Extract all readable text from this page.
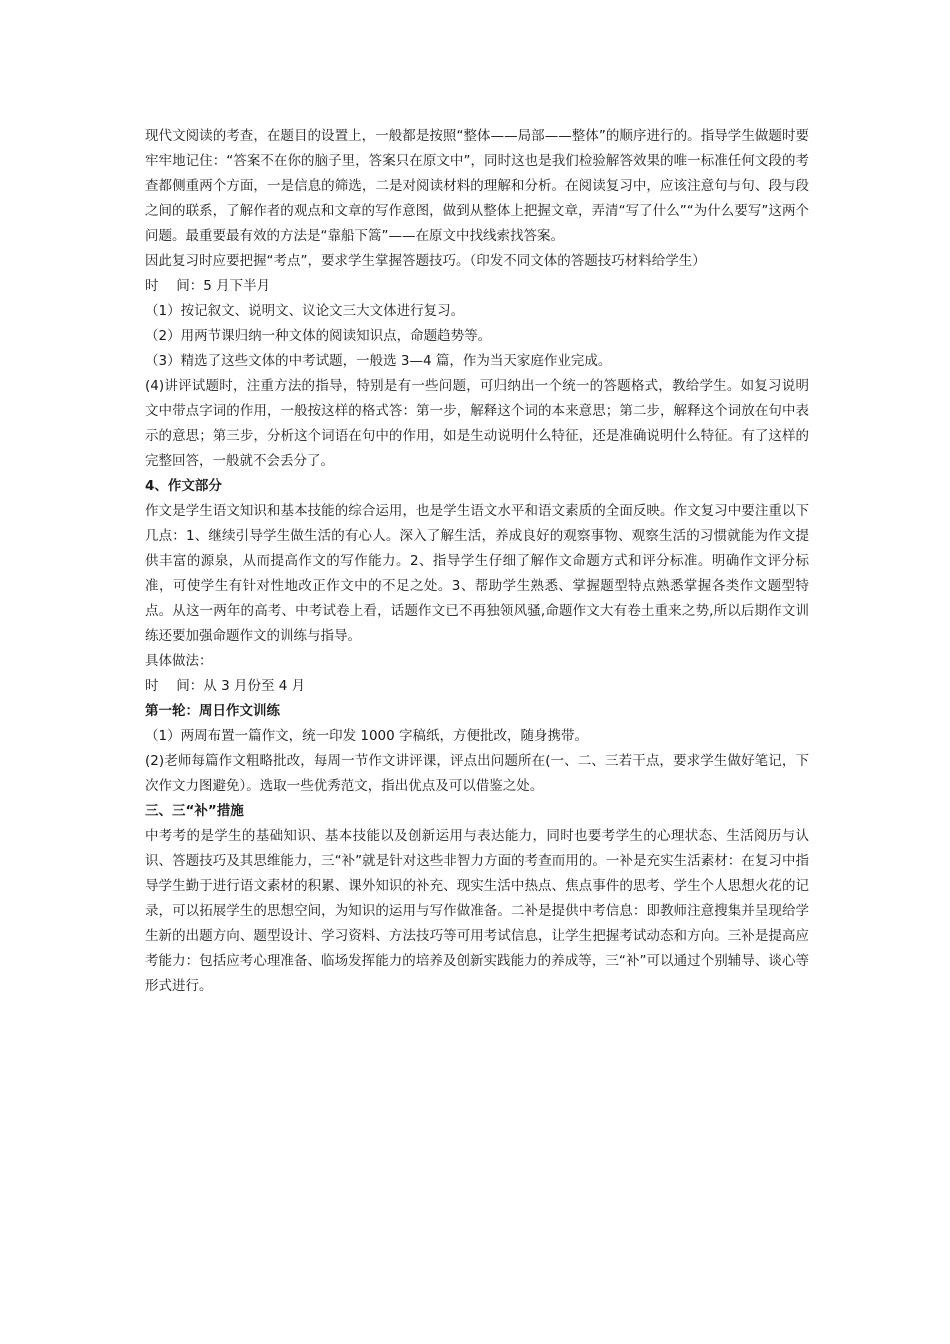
现代文阅读的考查，在题目的设置上，一般都是按照“整体——局部——整体”的顺序进行的。指导学生做题时要牢牢地记住：“答案不在你的脑子里，答案只在原文中”，同时这也是我们检验解答效果的唯一标准任何文段的考查都侧重两个方面，一是信息的筛选，二是对阅读材料的理解和分析。在阅读复习中，应该注意句与句、段与段之间的联系，了解作者的观点和文章的写作意图，做到从整体上把握文章，弄清“写了什么”“为什么要写”这两个问题。最重要最有效的方法是“靠船下篙”——在原文中找线索找答案。

因此复习时应要把握“考点”，要求学生掌握答题技巧。（印发不同文体的答题技巧材料给学生）

时　 间：5 月下半月

（1）按记叙文、说明文、议论文三大文体进行复习。

（2）用两节课归纳一种文体的阅读知识点，命题趋势等。

（3）精选了这些文体的中考试题，一般选 3—4 篇，作为当天家庭作业完成。

(4)讲评试题时，注重方法的指导，特别是有一些问题，可归纳出一个统一的答题格式，教给学生。如复习说明文中带点字词的作用，一般按这样的格式答：第一步，解释这个词的本来意思；第二步，解释这个词放在句中表示的意思；第三步，分析这个词语在句中的作用，如是生动说明什么特征，还是准确说明什么特征。有了这样的完整回答，一般就不会丢分了。

4、作文部分

作文是学生语文知识和基本技能的综合运用，也是学生语文水平和语文素质的全面反映。作文复习中要注重以下几点：1、继续引导学生做生活的有心人。深入了解生活，养成良好的观察事物、观察生活的习惯就能为作文提供丰富的源泉，从而提高作文的写作能力。2、指导学生仔细了解作文命题方式和评分标准。明确作文评分标准，可使学生有针对性地改正作文中的不足之处。3、帮助学生熟悉、掌握题型特点熟悉掌握各类作文题型特点。从这一两年的高考、中考试卷上看，话题作文已不再独领风骚,命题作文大有卷土重来之势,所以后期作文训练还要加强命题作文的训练与指导。

具体做法：

时　 间：从 3 月份至 4 月

第一轮：周日作文训练

（1）两周布置一篇作文，统一印发 1000 字稿纸，方便批改，随身携带。

(2)老师每篇作文粗略批改，每周一节作文讲评课，评点出问题所在(一、二、三若干点，要求学生做好笔记，下次作文力图避免）。选取一些优秀范文，指出优点及可以借鉴之处。

三、三“补”措施

中考考的是学生的基础知识、基本技能以及创新运用与表达能力，同时也要考学生的心理状态、生活阅历与认识、答题技巧及其思维能力，三“补”就是针对这些非智力方面的考查而用的。一补是充实生活素材：在复习中指导学生勤于进行语文素材的积累、课外知识的补充、现实生活中热点、焦点事件的思考、学生个人思想火花的记录，可以拓展学生的思想空间，为知识的运用与写作做准备。二补是提供中考信息：即教师注意搜集并呈现给学生新的出题方向、题型设计、学习资料、方法技巧等可用考试信息，让学生把握考试动态和方向。三补是提高应考能力：包括应考心理准备、临场发挥能力的培养及创新实践能力的养成等，三“补”可以通过个别辅导、谈心等形式进行。
